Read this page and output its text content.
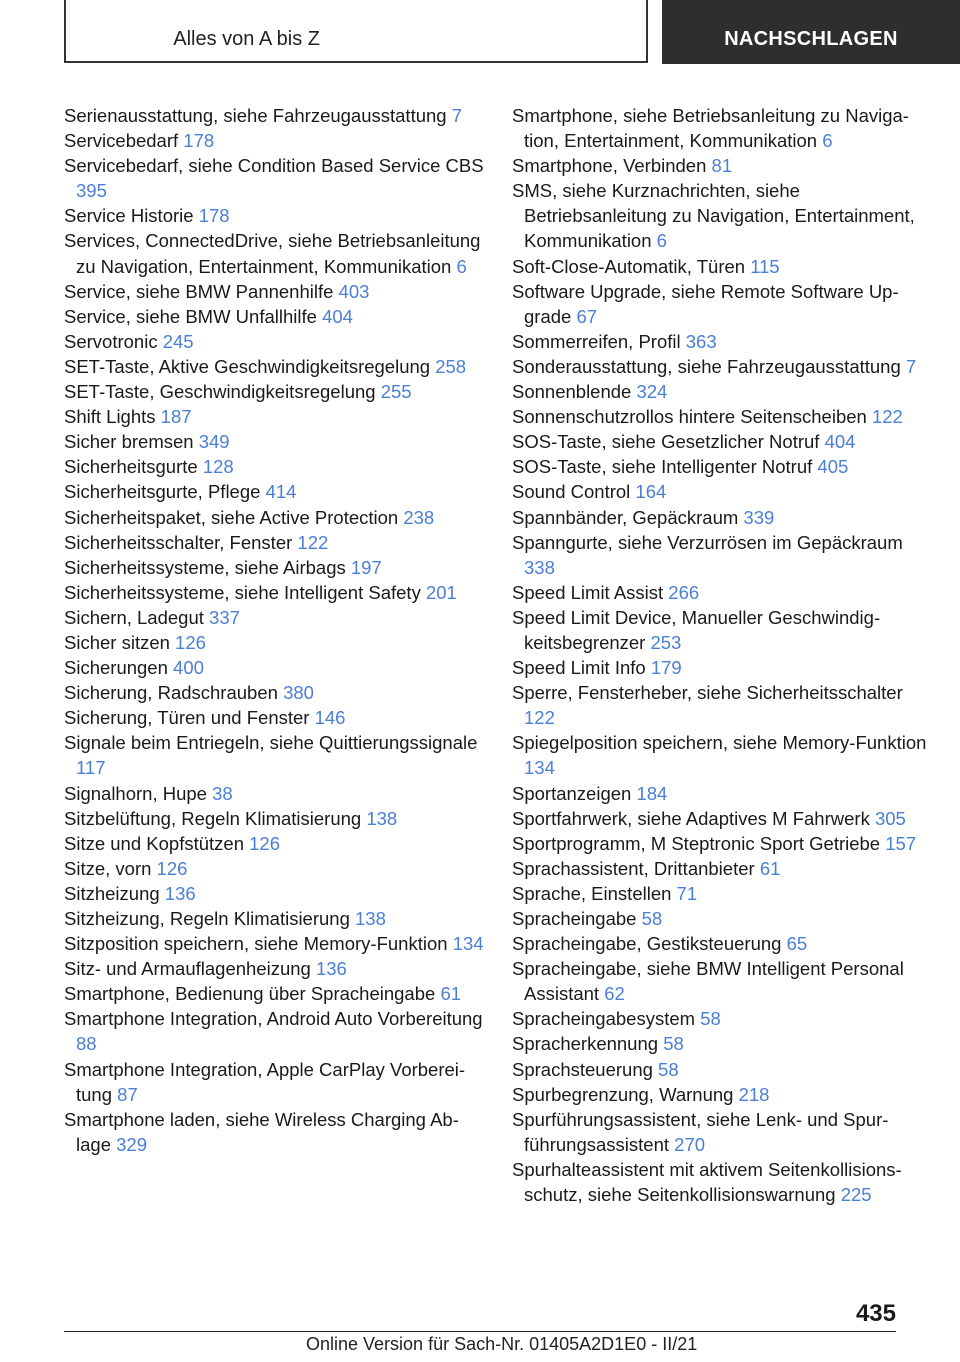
Alles von A bis Z	NACHSCHLAGEN
Serienausstattung, siehe Fahrzeugausstattung 7
Servicebedarf 178
Servicebedarf, siehe Condition Based Service CBS 395
Service Historie 178
Services, ConnectedDrive, siehe Betriebsanleitung zu Navigation, Entertainment, Kommunikation 6
Service, siehe BMW Pannenhilfe 403
Service, siehe BMW Unfallhilfe 404
Servotronic 245
SET-Taste, Aktive Geschwindigkeitsregelung 258
SET-Taste, Geschwindigkeitsregelung 255
Shift Lights 187
Sicher bremsen 349
Sicherheitsgurte 128
Sicherheitsgurte, Pflege 414
Sicherheitspaket, siehe Active Protection 238
Sicherheitsschalter, Fenster 122
Sicherheitssysteme, siehe Airbags 197
Sicherheitssysteme, siehe Intelligent Safety 201
Sichern, Ladegut 337
Sicher sitzen 126
Sicherungen 400
Sicherung, Radschrauben 380
Sicherung, Türen und Fenster 146
Signale beim Entriegeln, siehe Quittierungssignale 117
Signalhorn, Hupe 38
Sitzbelüftung, Regeln Klimatisierung 138
Sitze und Kopfstützen 126
Sitze, vorn 126
Sitzheizung 136
Sitzheizung, Regeln Klimatisierung 138
Sitzposition speichern, siehe Memory-Funktion 134
Sitz- und Armauflagenheizung 136
Smartphone, Bedienung über Spracheingabe 61
Smartphone Integration, Android Auto Vorbereitung 88
Smartphone Integration, Apple CarPlay Vorbereitung 87
Smartphone laden, siehe Wireless Charging Ablage 329
Smartphone, siehe Betriebsanleitung zu Navigation, Entertainment, Kommunikation 6
Smartphone, Verbinden 81
SMS, siehe Kurznachrichten, siehe Betriebsanleitung zu Navigation, Entertainment, Kommunikation 6
Soft-Close-Automatik, Türen 115
Software Upgrade, siehe Remote Software Upgrade 67
Sommerreifen, Profil 363
Sonderausstattung, siehe Fahrzeugausstattung 7
Sonnenblende 324
Sonnenschutzrollos hintere Seitenscheiben 122
SOS-Taste, siehe Gesetzlicher Notruf 404
SOS-Taste, siehe Intelligenter Notruf 405
Sound Control 164
Spannbänder, Gepäckraum 339
Spanngurte, siehe Verzurrösen im Gepäckraum 338
Speed Limit Assist 266
Speed Limit Device, Manueller Geschwindigkeitsbegrenzer 253
Speed Limit Info 179
Sperre, Fensterheber, siehe Sicherheitsschalter 122
Spiegelposition speichern, siehe Memory-Funktion 134
Sportanzeigen 184
Sportfahrwerk, siehe Adaptives M Fahrwerk 305
Sportprogramm, M Steptronic Sport Getriebe 157
Sprachassistent, Drittanbieter 61
Sprache, Einstellen 71
Spracheingabe 58
Spracheingabe, Gestiksteuerung 65
Spracheingabe, siehe BMW Intelligent Personal Assistant 62
Spracheingabesystem 58
Spracherkennung 58
Sprachsteuerung 58
Spurbegrenzung, Warnung 218
Spurführungsassistent, siehe Lenk- und Spurführungsassistent 270
Spurhalteassistent mit aktivem Seitenkollisionsschutz, siehe Seitenkollisionswarnung 225
435
Online Version für Sach-Nr. 01405A2D1E0 - II/21
